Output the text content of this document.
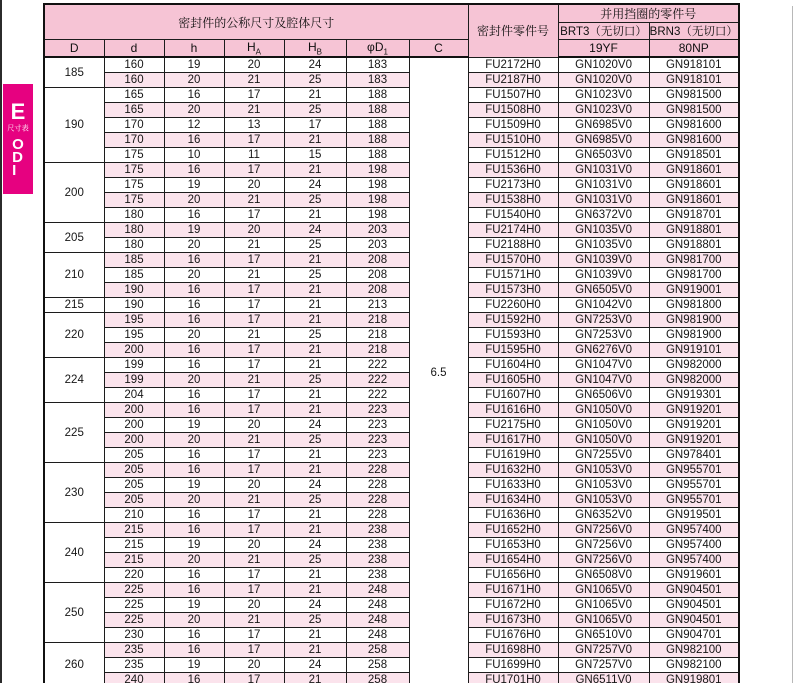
E
尺寸表
O
D
I
密封件的公称尺寸及腔体尺寸							密封件零件号	并用挡圈的零件号	
								BRT3（无切口）	BRN3（无切口）
D	d	h	$H_A$	$H_B$	$\varphi D_1$	C		19YF	80NP
185	160	19	20	24	183	6.5	FU2172H0	GN1020V0	GN918101
	160	20	21	25	183		FU2187H0	GN1020V0	GN918101
190	165	16	17	21	188		FU1507H0	GN1023V0	GN981500
	165	20	21	25	188		FU1508H0	GN1023V0	GN981500
	170	12	13	17	188		FU1509H0	GN6985V0	GN981600
	170	16	17	21	188		FU1510H0	GN6985V0	GN981600
	175	10	11	15	188		FU1512H0	GN6503V0	GN918501
200	175	16	17	21	198		FU1536H0	GN1031V0	GN918601
	175	19	20	24	198		FU2173H0	GN1031V0	GN918601
	175	20	21	25	198		FU1538H0	GN1031V0	GN918601
	180	16	17	21	198		FU1540H0	GN6372V0	GN918701
205	180	19	20	24	203		FU2174H0	GN1035V0	GN918801
	180	20	21	25	203		FU2188H0	GN1035V0	GN918801
210	185	16	17	21	208		FU1570H0	GN1039V0	GN981700
	185	20	21	25	208		FU1571H0	GN1039V0	GN981700
	190	16	17	21	208		FU1573H0	GN6505V0	GN919001
215	190	16	17	21	213		FU2260H0	GN1042V0	GN981800
220	195	16	17	21	218		FU1592H0	GN7253V0	GN981900
	195	20	21	25	218		FU1593H0	GN7253V0	GN981900
	200	16	17	21	218		FU1595H0	GN6276V0	GN919101
224	199	16	17	21	222		FU1604H0	GN1047V0	GN982000
	199	20	21	25	222		FU1605H0	GN1047V0	GN982000
	204	16	17	21	222		FU1607H0	GN6506V0	GN919301
225	200	16	17	21	223		FU1616H0	GN1050V0	GN919201
	200	19	20	24	223		FU2175H0	GN1050V0	GN919201
	200	20	21	25	223		FU1617H0	GN1050V0	GN919201
	205	16	17	21	223		FU1619H0	GN7255V0	GN978401
230	205	16	17	21	228		FU1632H0	GN1053V0	GN955701
	205	19	20	24	228		FU1633H0	GN1053V0	GN955701
	205	20	21	25	228		FU1634H0	GN1053V0	GN955701
	210	16	17	21	228		FU1636H0	GN6352V0	GN919501
240	215	16	17	21	238		FU1652H0	GN7256V0	GN957400
	215	19	20	24	238		FU1653H0	GN7256V0	GN957400
	215	20	21	25	238		FU1654H0	GN7256V0	GN957400
	220	16	17	21	238		FU1656H0	GN6508V0	GN919601
250	225	16	17	21	248		FU1671H0	GN1065V0	GN904501
	225	19	20	24	248		FU1672H0	GN1065V0	GN904501
	225	20	21	25	248		FU1673H0	GN1065V0	GN904501
	230	16	17	21	248		FU1676H0	GN6510V0	GN904701
260	235	16	17	21	258		FU1698H0	GN7257V0	GN982100
	235	19	20	24	258		FU1699H0	GN7257V0	GN982100
	240	16	17	21	258		FU1701H0	GN6511V0	GN919801
